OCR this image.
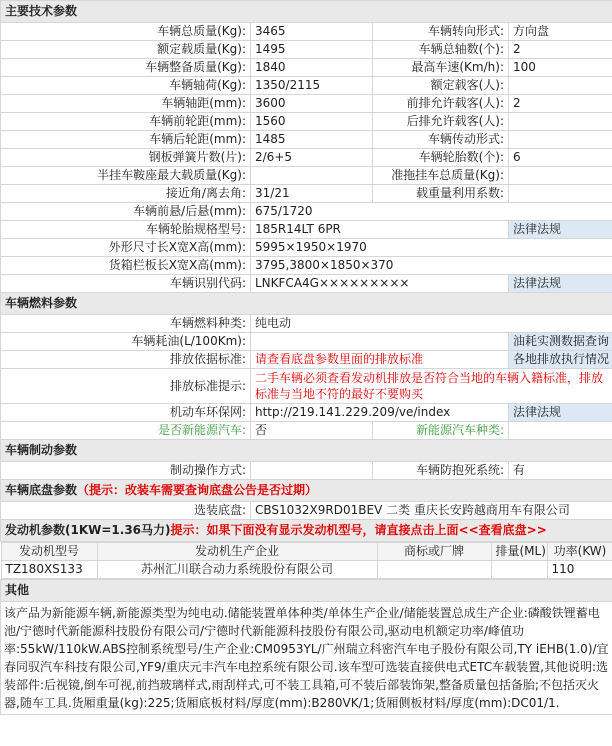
主要技术参数
车辆总质量(Kg):	3465	车辆转向形式:	方向盘
额定载质量(Kg):	1495	车辆总轴数(个):	2
车辆整备质量(Kg):	1840	最高车速(Km/h):	100
车辆轴荷(Kg):	1350/2115	额定载客(人):	
车辆轴距(mm):	3600	前排允许载客(人):	2
车辆前轮距(mm):	1560	后排允许载客(人):	
车辆后轮距(mm):	1485	车辆传动形式:	
钢板弹簧片数(片):	2/6+5	车辆轮胎数(个):	6
半挂车鞍座最大载质量(Kg):		准拖挂车总质量(Kg):	
接近角/离去角:	31/21	载重量利用系数:	
车辆前悬/后悬(mm):	675/1720
车辆轮胎规格型号:	185R14LT 6PR	法律法规
外形尺寸长X宽X高(mm):	5995×1950×1970
货箱栏板长X宽X高(mm):	3795,3800×1850×370
车辆识别代码:	LNKFCA4G×××××××××	法律法规
车辆燃料参数
车辆燃料种类:	纯电动
车辆耗油(L/100Km):		油耗实测数据查询
排放依据标准:	请查看底盘参数里面的排放标准	各地排放执行情况
排放标准提示:	二手车辆必须查看发动机排放是否符合当地的车辆入籍标准，排放标准与当地不符的最好不要购买
机动车环保网:	http://219.141.229.209/ve/index	法律法规
是否新能源汽车:	否	新能源汽车种类:	
车辆制动参数
制动操作方式:		车辆防抱死系统:	有
车辆底盘参数（提示：改装车需要查询底盘公告是否过期）
选装底盘:	CBS1032X9RD01BEV 二类 重庆长安跨越商用车有限公司
发动机参数(1KW=1.36马力)提示：如果下面没有显示发动机型号，请直接点击上面<<查看底盘>>

发动机型号	发动机生产企业	商标或厂牌	排量(ML)	功率(KW)
TZ180XS133	苏州汇川联合动力系统股份有限公司			110

其他
该产品为新能源车辆,新能源类型为纯电动.储能装置单体种类/单体生产企业/储能装置总成生产企业:磷酸铁锂蓄电池/宁德时代新能源科技股份有限公司/宁德时代新能源科技股份有限公司,驱动电机额定功率/峰值功率:55kW/110kW.ABS控制系统型号/生产企业:CM0953YL/广州瑞立科密汽车电子股份有限公司,TY iEHB(1.0)/宜春同驭汽车科技有限公司,YF9/重庆元丰汽车电控系统有限公司.该车型可选装直接供电式ETC车载装置,其他说明:选装部件:后视镜,倒车可视,前挡玻璃样式,雨刮样式,可不装工具箱,可不装后部装饰架,整备质量包括备胎;不包括灭火器,随车工具.货厢重量(kg):225;货厢底板材料/厚度(mm):B280VK/1;货厢侧板材料/厚度(mm):DC01/1.
